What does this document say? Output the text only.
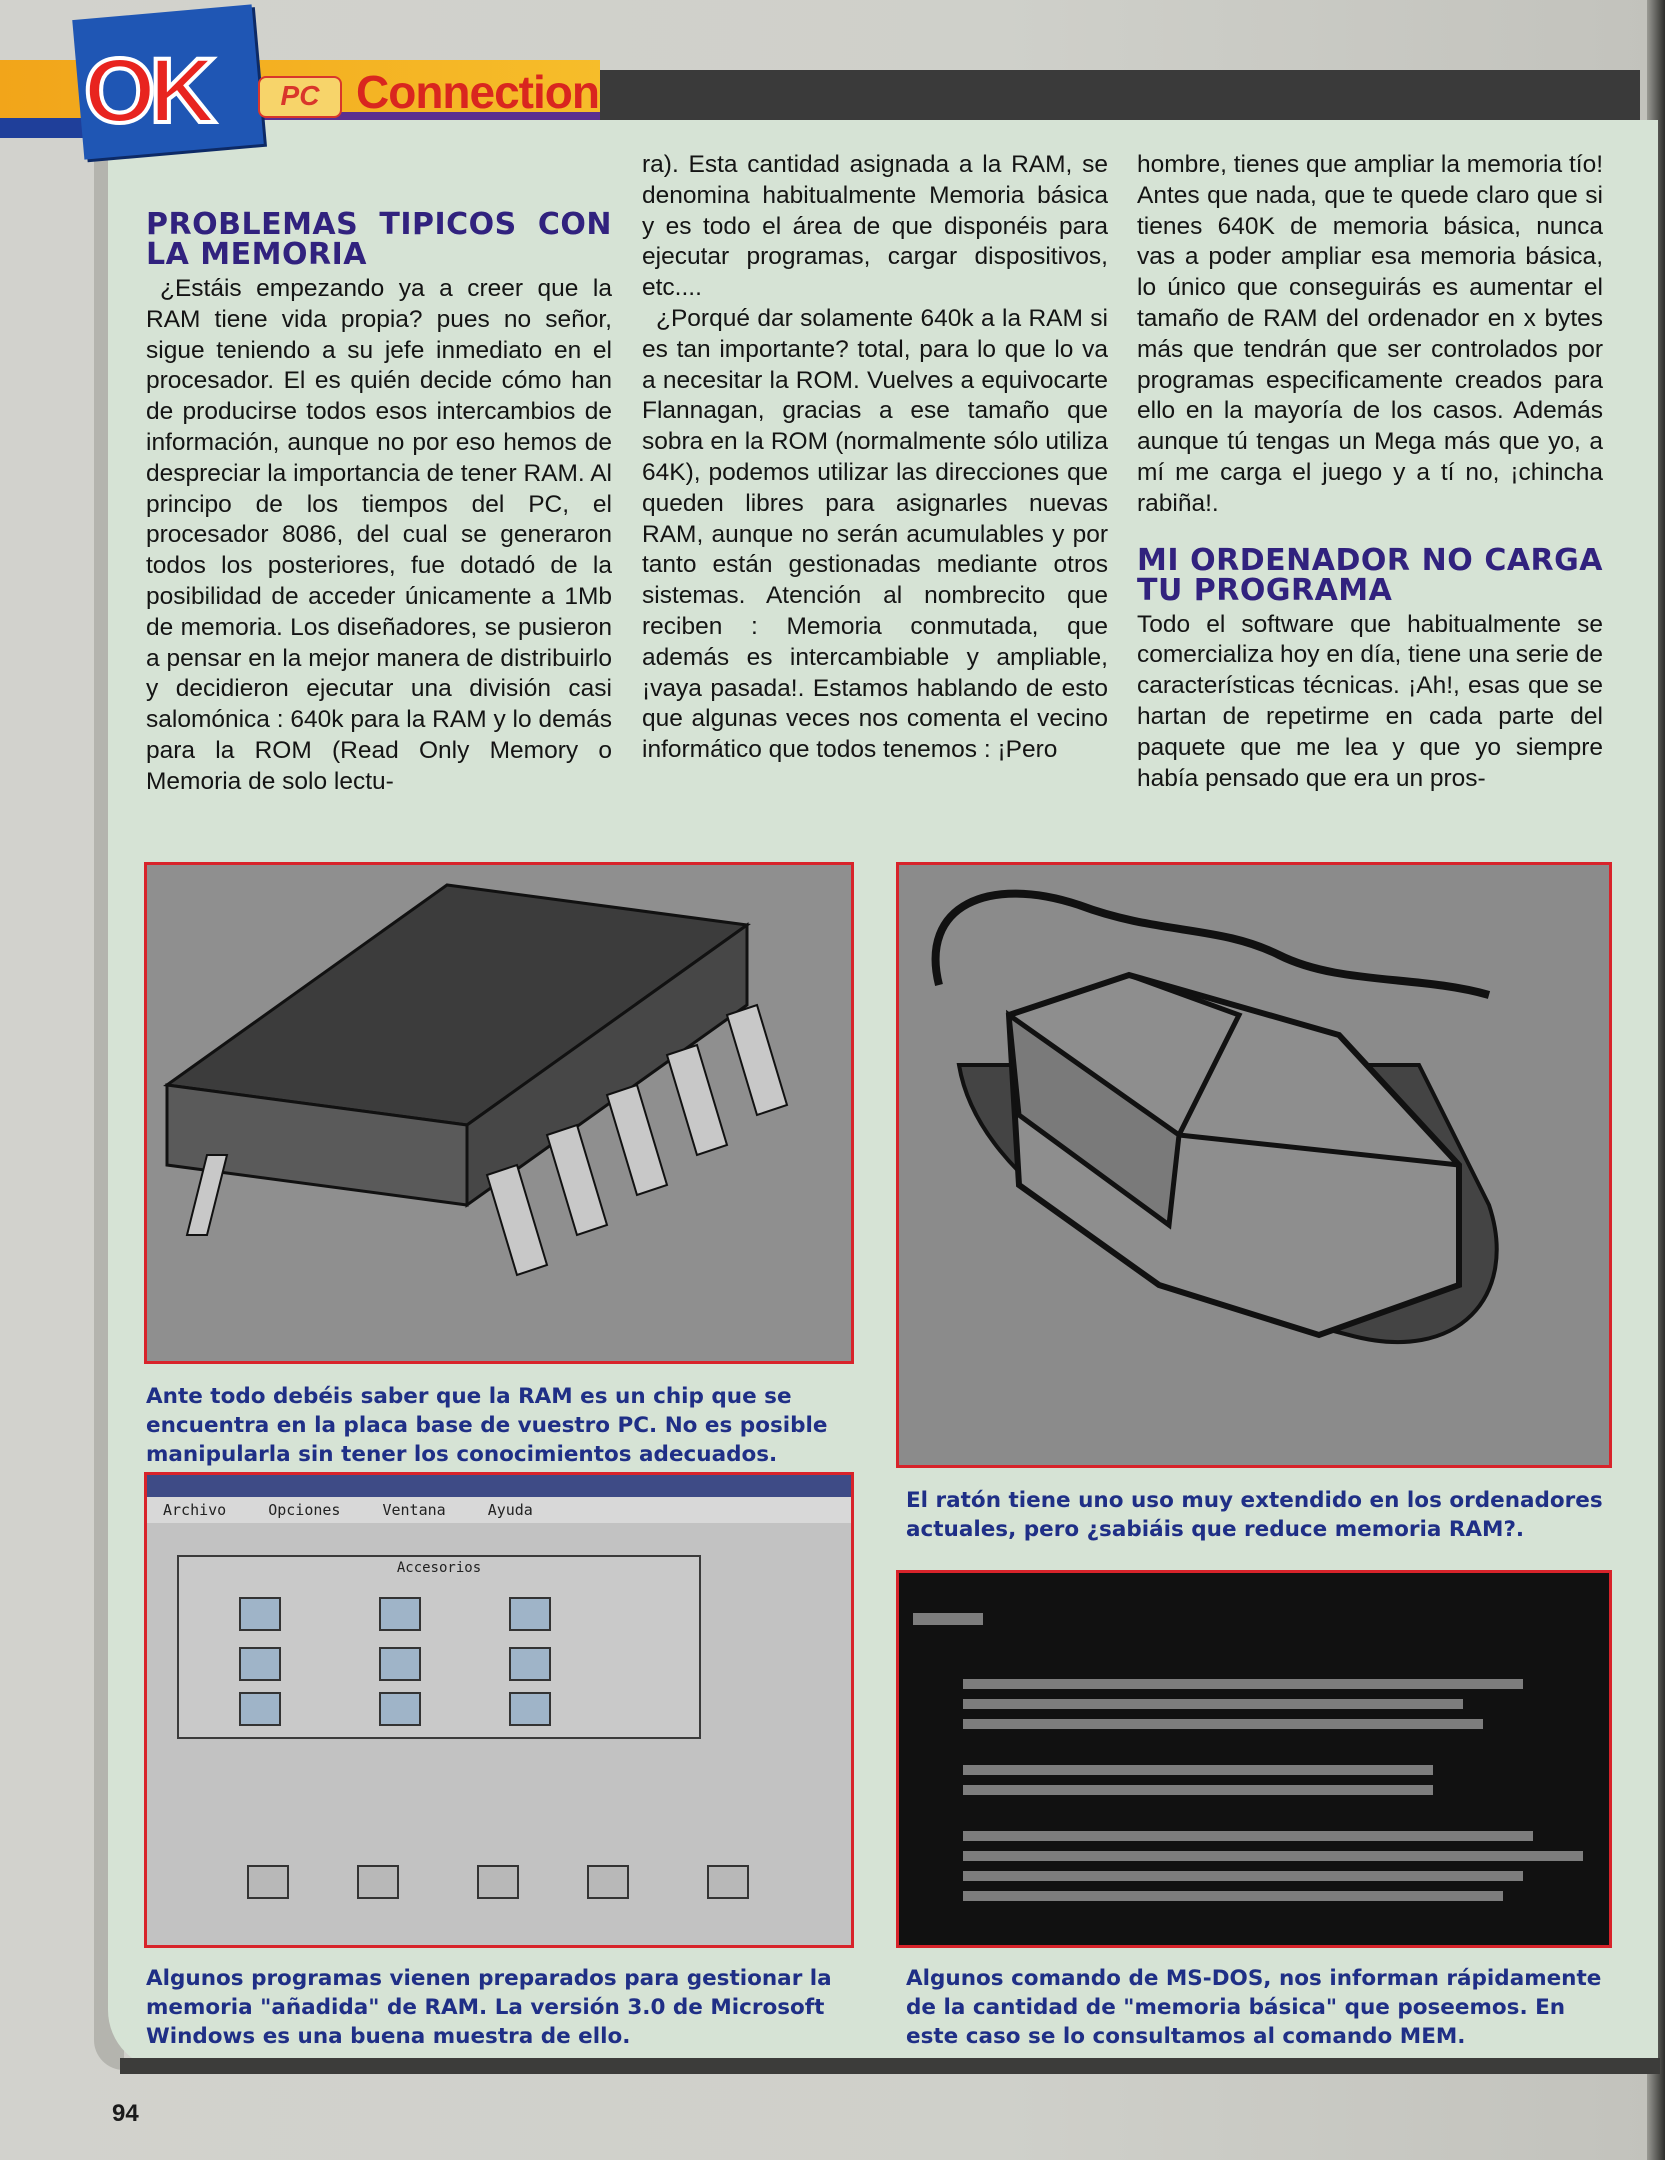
OK	PC Connection
PROBLEMAS TIPICOS CON LA MEMORIA

¿Estáis empezando ya a creer que la RAM tiene vida propia? pues no señor, sigue teniendo a su jefe inmediato en el procesador. El es quién decide cómo han de producirse todos esos intercambios de información, aunque no por eso hemos de despreciar la importancia de tener RAM. Al principo de los tiempos del PC, el procesador 8086, del cual se generaron todos los posteriores, fue dotadó de la posibilidad de acceder únicamente a 1Mb de memoria. Los diseñadores, se pusieron a pensar en la mejor manera de distribuirlo y decidieron ejecutar una división casi salomónica : 640k para la RAM y lo demás para la ROM (Read Only Memory o Memoria de solo lectu-

ra). Esta cantidad asignada a la RAM, se denomina habitualmente Memoria básica y es todo el área de que disponéis para ejecutar programas, cargar dispositivos, etc....

¿Porqué dar solamente 640k a la RAM si es tan importante? total, para lo que lo va a necesitar la ROM. Vuelves a equivocarte Flannagan, gracias a ese tamaño que sobra en la ROM (normalmente sólo utiliza 64K), podemos utilizar las direcciones que queden libres para asignarles nuevas RAM, aunque no serán acumulables y por tanto están gestionadas mediante otros sistemas. Atención al nombrecito que reciben : Memoria conmutada, que además es intercambiable y ampliable, ¡vaya pasada!. Estamos hablando de esto que algunas veces nos comenta el vecino informático que todos tenemos : ¡Pero

hombre, tienes que ampliar la memoria tío! Antes que nada, que te quede claro que si tienes 640K de memoria básica, nunca vas a poder ampliar esa memoria básica, lo único que conseguirás es aumentar el tamaño de RAM del ordenador en x bytes más que tendrán que ser controlados por programas especificamente creados para ello en la mayoría de los casos. Además aunque tú tengas un Mega más que yo, a mí me carga el juego y a tí no, ¡chincha rabiña!.

MI ORDENADOR NO CARGA TU PROGRAMA

Todo el software que habitualmente se comercializa hoy en día, tiene una serie de características técnicas. ¡Ah!, esas que se hartan de repetirme en cada parte del paquete que me lea y que yo siempre había pensado que era un pros-

Ante todo debéis saber que la RAM es un chip que se encuentra en la placa base de vuestro PC. No es posible manipularla sin tener los conocimientos adecuados.
El ratón tiene uno uso muy extendido en los ordenadores actuales, pero ¿sabiáis que reduce memoria RAM?.
Archivo	Opciones	Ventana	Ayuda
Accesorios
Algunos programas vienen preparados para gestionar la memoria "añadida" de RAM. La versión 3.0 de Microsoft Windows es una buena muestra de ello.
Algunos comando de MS-DOS, nos informan rápidamente de la cantidad de "memoria básica" que poseemos. En este caso se lo consultamos al comando MEM.
94
